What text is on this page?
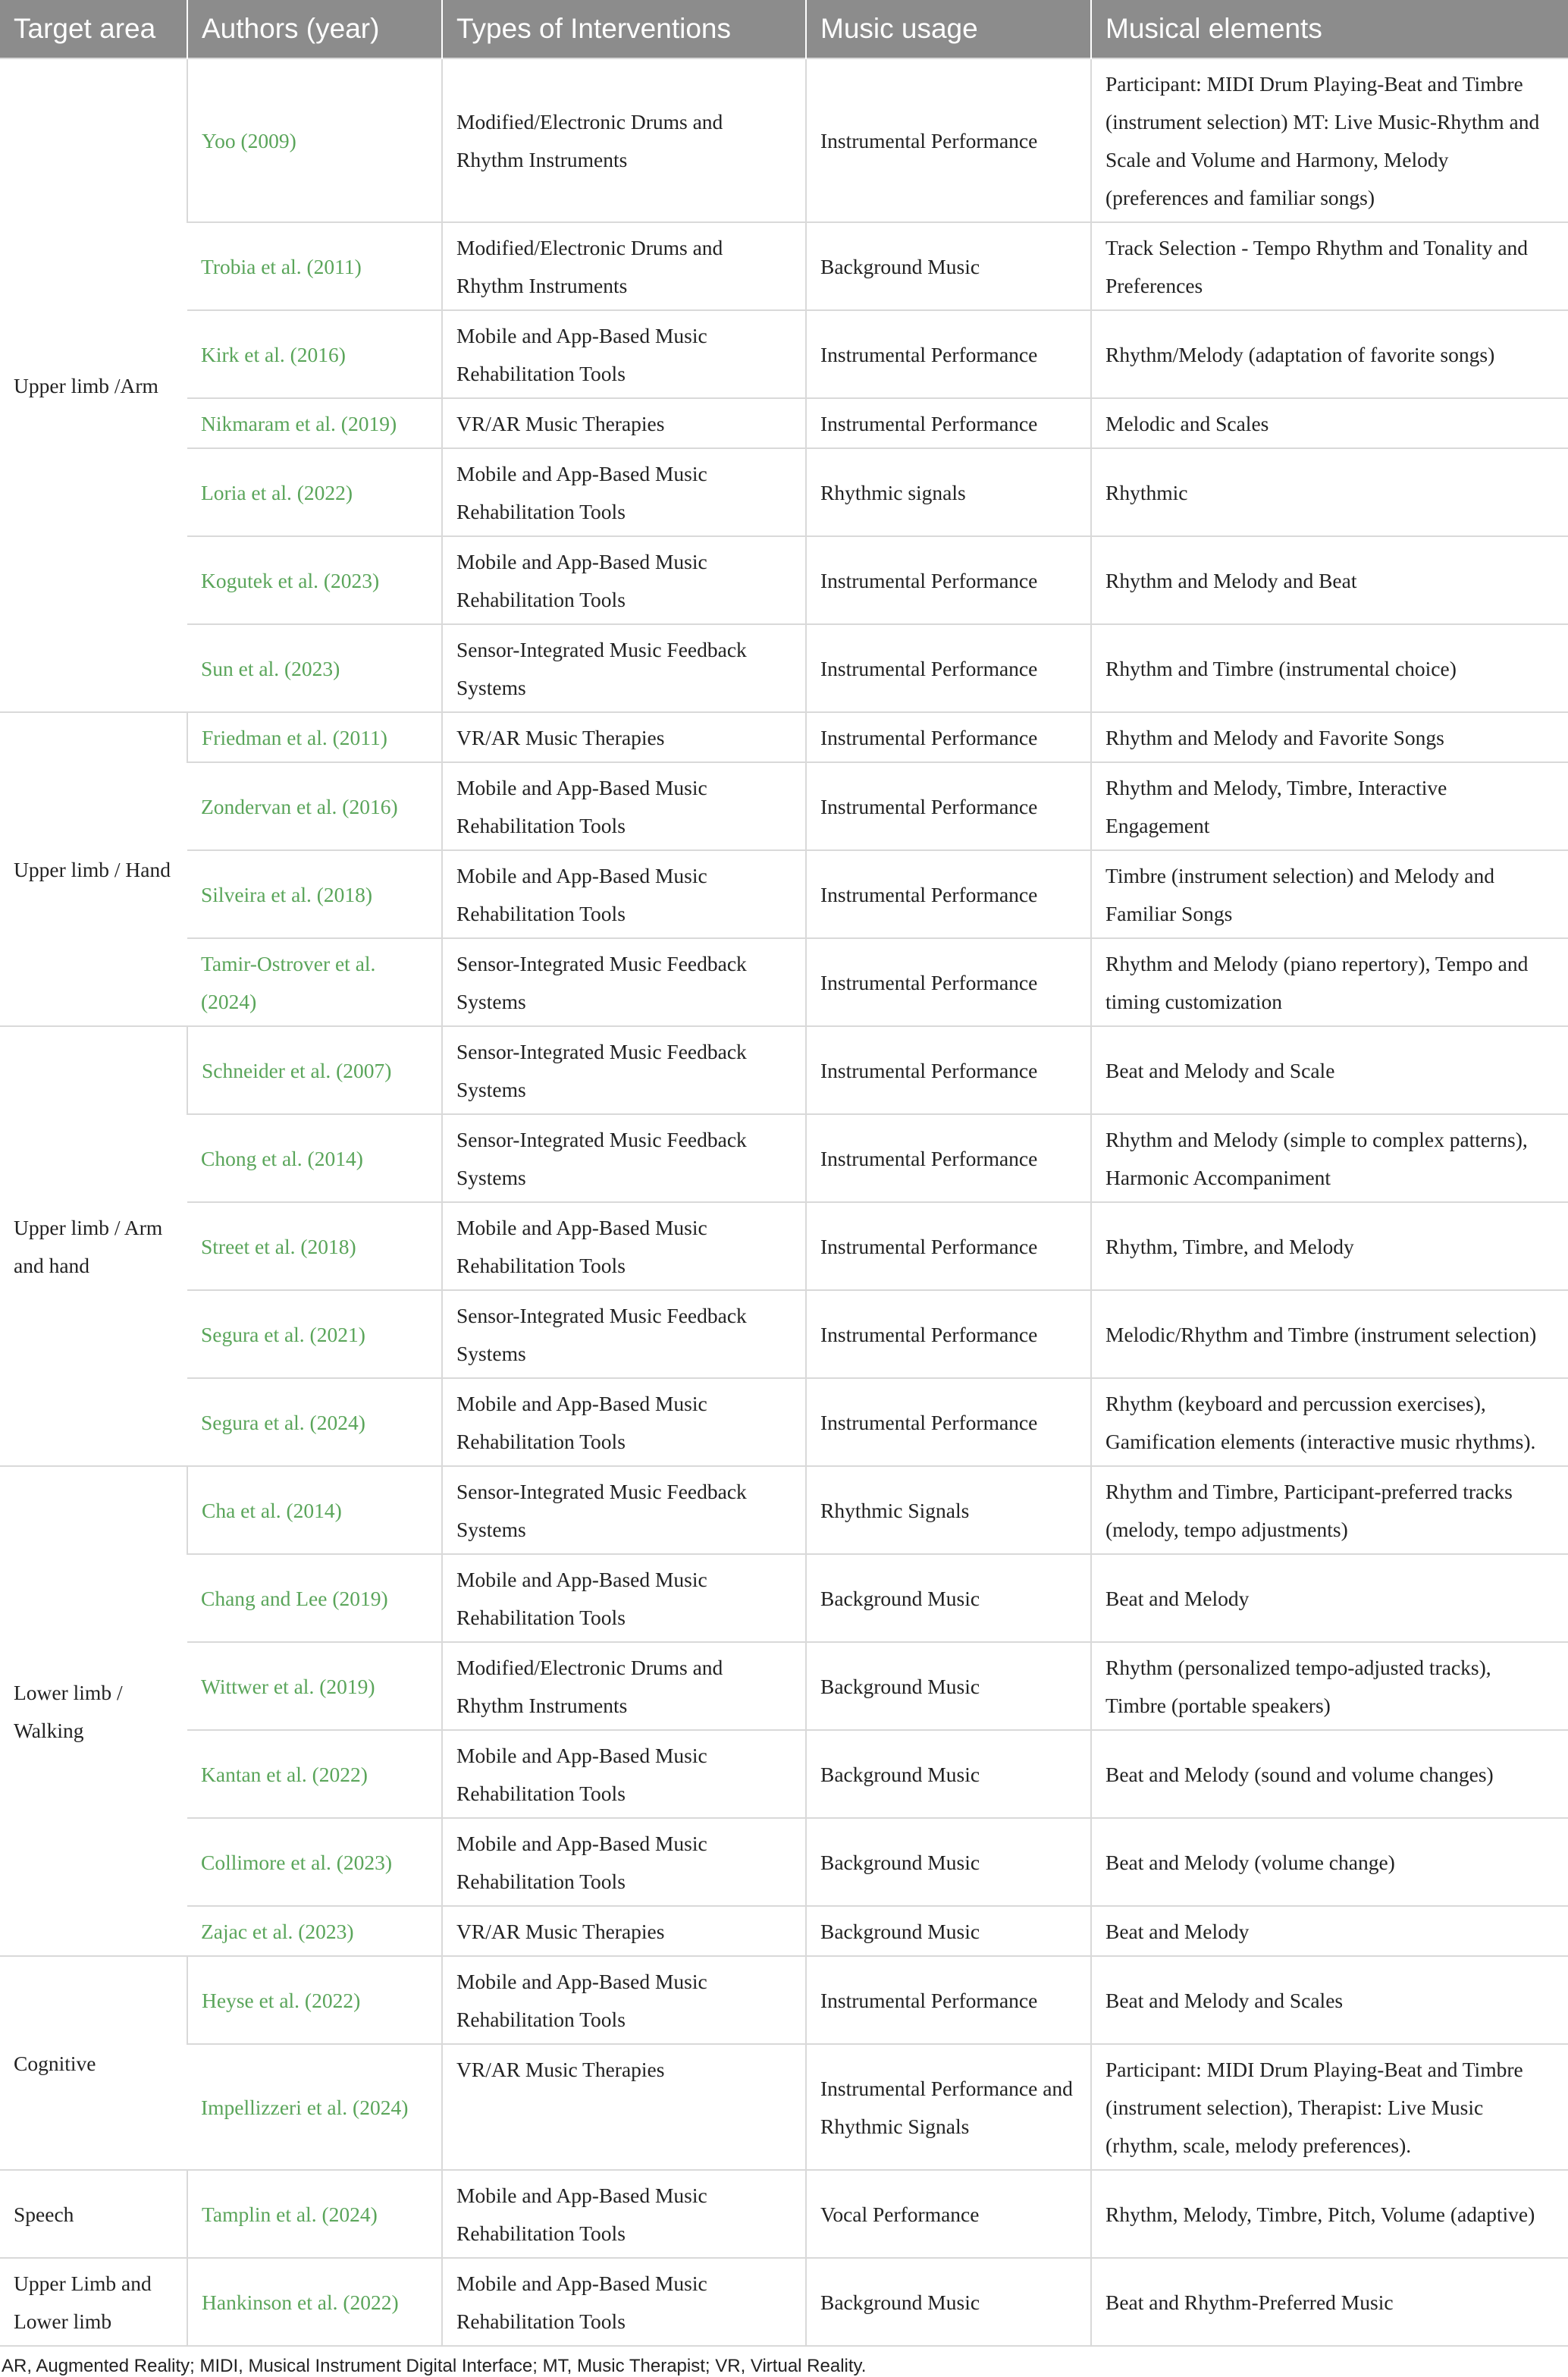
Target area	Authors (year)	Types of Interventions	Music usage	Musical elements
Upper limb /Arm	Yoo (2009)	Modified/Electronic Drums and Rhythm Instruments	Instrumental Performance	Participant: MIDI Drum Playing-Beat and Timbre (instrument selection) MT: Live Music-Rhythm and Scale and Volume and Harmony, Melody (preferences and familiar songs)
	Trobia et al. (2011)	Modified/Electronic Drums and Rhythm Instruments	Background Music	Track Selection - Tempo Rhythm and Tonality and Preferences
	Kirk et al. (2016)	Mobile and App-Based Music Rehabilitation Tools	Instrumental Performance	Rhythm/Melody (adaptation of favorite songs)
	Nikmaram et al. (2019)	VR/AR Music Therapies	Instrumental Performance	Melodic and Scales
	Loria et al. (2022)	Mobile and App-Based Music Rehabilitation Tools	Rhythmic signals	Rhythmic
	Kogutek et al. (2023)	Mobile and App-Based Music Rehabilitation Tools	Instrumental Performance	Rhythm and Melody and Beat
	Sun et al. (2023)	Sensor-Integrated Music Feedback Systems	Instrumental Performance	Rhythm and Timbre (instrumental choice)
Upper limb / Hand	Friedman et al. (2011)	VR/AR Music Therapies	Instrumental Performance	Rhythm and Melody and Favorite Songs
	Zondervan et al. (2016)	Mobile and App-Based Music Rehabilitation Tools	Instrumental Performance	Rhythm and Melody, Timbre, Interactive Engagement
	Silveira et al. (2018)	Mobile and App-Based Music Rehabilitation Tools	Instrumental Performance	Timbre (instrument selection) and Melody and Familiar Songs
	Tamir-Ostrover et al. (2024)	Sensor-Integrated Music Feedback Systems	Instrumental Performance	Rhythm and Melody (piano repertory), Tempo and timing customization
Upper limb / Arm and hand	Schneider et al. (2007)	Sensor-Integrated Music Feedback Systems	Instrumental Performance	Beat and Melody and Scale
	Chong et al. (2014)	Sensor-Integrated Music Feedback Systems	Instrumental Performance	Rhythm and Melody (simple to complex patterns), Harmonic Accompaniment
	Street et al. (2018)	Mobile and App-Based Music Rehabilitation Tools	Instrumental Performance	Rhythm, Timbre, and Melody
	Segura et al. (2021)	Sensor-Integrated Music Feedback Systems	Instrumental Performance	Melodic/Rhythm and Timbre (instrument selection)
	Segura et al. (2024)	Mobile and App-Based Music Rehabilitation Tools	Instrumental Performance	Rhythm (keyboard and percussion exercises), Gamification elements (interactive music rhythms).
Lower limb / Walking	Cha et al. (2014)	Sensor-Integrated Music Feedback Systems	Rhythmic Signals	Rhythm and Timbre, Participant-preferred tracks (melody, tempo adjustments)
	Chang and Lee (2019)	Mobile and App-Based Music Rehabilitation Tools	Background Music	Beat and Melody
	Wittwer et al. (2019)	Modified/Electronic Drums and Rhythm Instruments	Background Music	Rhythm (personalized tempo-adjusted tracks), Timbre (portable speakers)
	Kantan et al. (2022)	Mobile and App-Based Music Rehabilitation Tools	Background Music	Beat and Melody (sound and volume changes)
	Collimore et al. (2023)	Mobile and App-Based Music Rehabilitation Tools	Background Music	Beat and Melody (volume change)
	Zajac et al. (2023)	VR/AR Music Therapies	Background Music	Beat and Melody
Cognitive	Heyse et al. (2022)	Mobile and App-Based Music Rehabilitation Tools	Instrumental Performance	Beat and Melody and Scales
	Impellizzeri et al. (2024)	VR/AR Music Therapies	Instrumental Performance and Rhythmic Signals	Participant: MIDI Drum Playing-Beat and Timbre (instrument selection), Therapist: Live Music (rhythm, scale, melody preferences).
Speech	Tamplin et al. (2024)	Mobile and App-Based Music Rehabilitation Tools	Vocal Performance	Rhythm, Melody, Timbre, Pitch, Volume (adaptive)
Upper Limb and Lower limb	Hankinson et al. (2022)	Mobile and App-Based Music Rehabilitation Tools	Background Music	Beat and Rhythm-Preferred Music
AR, Augmented Reality; MIDI, Musical Instrument Digital Interface; MT, Music Therapist; VR, Virtual Reality.
